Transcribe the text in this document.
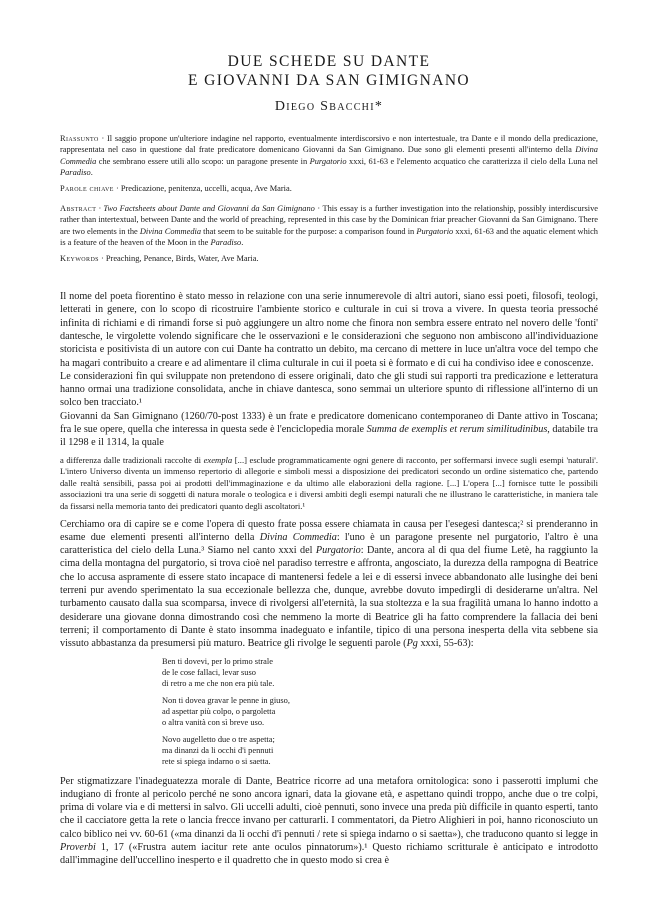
DUE SCHEDE SU DANTE
E GIOVANNI DA SAN GIMIGNANO
Diego Sbacchi*

Riassunto · Il saggio propone un'ulteriore indagine nel rapporto, eventualmente interdiscorsivo e non intertestuale, tra Dante e il mondo della predicazione, rappresentata nel caso in questione dal frate predicatore domenicano Giovanni da San Gimignano. Due sono gli elementi presenti all'interno della Divina Commedia che sembrano essere utili allo scopo: un paragone presente in Purgatorio xxxi, 61-63 e l'elemento acquatico che caratterizza il cielo della Luna nel Paradiso.

Parole chiave · Predicazione, penitenza, uccelli, acqua, Ave Maria.

Abstract · Two Factsheets about Dante and Giovanni da San Gimignano · This essay is a further investigation into the relationship, possibly interdiscursive rather than intertextual, between Dante and the world of preaching, represented in this case by the Dominican friar preacher Giovanni da San Gimignano. There are two elements in the Divina Commedia that seem to be suitable for the purpose: a comparison found in Purgatorio xxxi, 61-63 and the aquatic element which is a feature of the heaven of the Moon in the Paradiso.

Keywords · Preaching, Penance, Birds, Water, Ave Maria.

Il nome del poeta fiorentino è stato messo in relazione con una serie innumerevole di altri autori, siano essi poeti, filosofi, teologi, letterati in genere, con lo scopo di ricostruire l'ambiente storico e culturale in cui si trova a vivere. In questa teoria pressoché infinita di richiami e di rimandi forse si può aggiungere un altro nome che finora non sembra essere entrato nel novero delle 'fonti' dantesche, le virgolette volendo significare che le osservazioni e le considerazioni che seguono non ambiscono all'individuazione storicista e positivista di un autore con cui Dante ha contratto un debito, ma cercano di mettere in luce un'altra voce del tempo che ha magari contribuito a creare e ad alimentare il clima culturale in cui il poeta si è formato e di cui ha condiviso idee e conoscenze.

Le considerazioni fin qui sviluppate non pretendono di essere originali, dato che gli studi sui rapporti tra predicazione e letteratura hanno ormai una tradizione consolidata, anche in chiave dantesca, sono semmai un ulteriore spunto di riflessione all'interno di un solco ben tracciato.¹

Giovanni da San Gimignano (1260/70-post 1333) è un frate e predicatore domenicano contemporaneo di Dante attivo in Toscana; fra le sue opere, quella che interessa in questa sede è l'enciclopedia morale Summa de exemplis et rerum similitudinibus, databile tra il 1298 e il 1314, la quale

a differenza dalle tradizionali raccolte di exempla [...] esclude programmaticamente ogni genere di racconto, per soffermarsi invece sugli esempi 'naturali'. L'intero Universo diventa un immenso repertorio di allegorie e simboli messi a disposizione dei predicatori secondo un ordine sistematico che, partendo dalle realtà sensibili, passa poi ai prodotti dell'immaginazione e da ultimo alle elaborazioni della ragione. [...] L'opera [...] fornisce tutte le possibili associazioni tra una serie di soggetti di natura morale o teologica e i diversi ambiti degli esempi naturali che ne illustrano le caratteristiche, in maniera tale da fissarsi nella memoria tanto dei predicatori quanto degli ascoltatori.¹

Cerchiamo ora di capire se e come l'opera di questo frate possa essere chiamata in causa per l'esegesi dantesca;² si prenderanno in esame due elementi presenti all'interno della Divina Commedia: l'uno è un paragone presente nel purgatorio, l'altro è una caratteristica del cielo della Luna.³ Siamo nel canto xxxi del Purgatorio: Dante, ancora al di qua del fiume Letè, ha raggiunto la cima della montagna del purgatorio, si trova cioè nel paradiso terrestre e affronta, angosciato, la durezza della rampogna di Beatrice che lo accusa aspramente di essere stato incapace di mantenersi fedele a lei e di essersi invece abbandonato alle lusinghe dei beni terreni pur avendo sperimentato la sua eccezionale bellezza che, dunque, avrebbe dovuto impedirgli di desiderarne un'altra. Nel turbamento causato dalla sua scomparsa, invece di rivolgersi all'eternità, la sua stoltezza e la sua fragilità umana lo hanno indotto a desiderare una giovane donna dimostrando così che nemmeno la morte di Beatrice gli ha fatto comprendere la fallacia dei beni terreni; il comportamento di Dante è stato insomma inadeguato e infantile, tipico di una persona inesperta della vita sebbene sia vissuto abbastanza da presumersi più maturo. Beatrice gli rivolge le seguenti parole (Pg xxxi, 55-63):

Ben ti dovevi, per lo primo strale
de le cose fallaci, levar suso
di retro a me che non era più tale.
Non ti dovea gravar le penne in giuso,
ad aspettar più colpo, o pargoletta
o altra vanità con sì breve uso.
Novo augelletto due o tre aspetta;
ma dinanzi da li occhi d'i pennuti
rete si spiega indarno o si saetta.

Per stigmatizzare l'inadeguatezza morale di Dante, Beatrice ricorre ad una metafora ornitologica: sono i passerotti implumi che indugiano di fronte al pericolo perché ne sono ancora ignari, data la giovane età, e aspettano quindi troppo, anche due o tre colpi, prima di volare via e di mettersi in salvo. Gli uccelli adulti, cioè pennuti, sono invece una preda più difficile in quanto esperti, tanto che il cacciatore getta la rete o lancia frecce invano per catturarli. I commentatori, da Pietro Alighieri in poi, hanno riconosciuto un calco biblico nei vv. 60-61 («ma dinanzi da li occhi d'i pennuti / rete si spiega indarno o si saetta»), che traducono quanto si legge in Proverbi 1, 17 («Frustra autem iacitur rete ante oculos pinnatorum»).¹ Questo richiamo scritturale è anticipato e introdotto dall'immagine dell'uccellino inesperto e il quadretto che in questo modo si crea è
